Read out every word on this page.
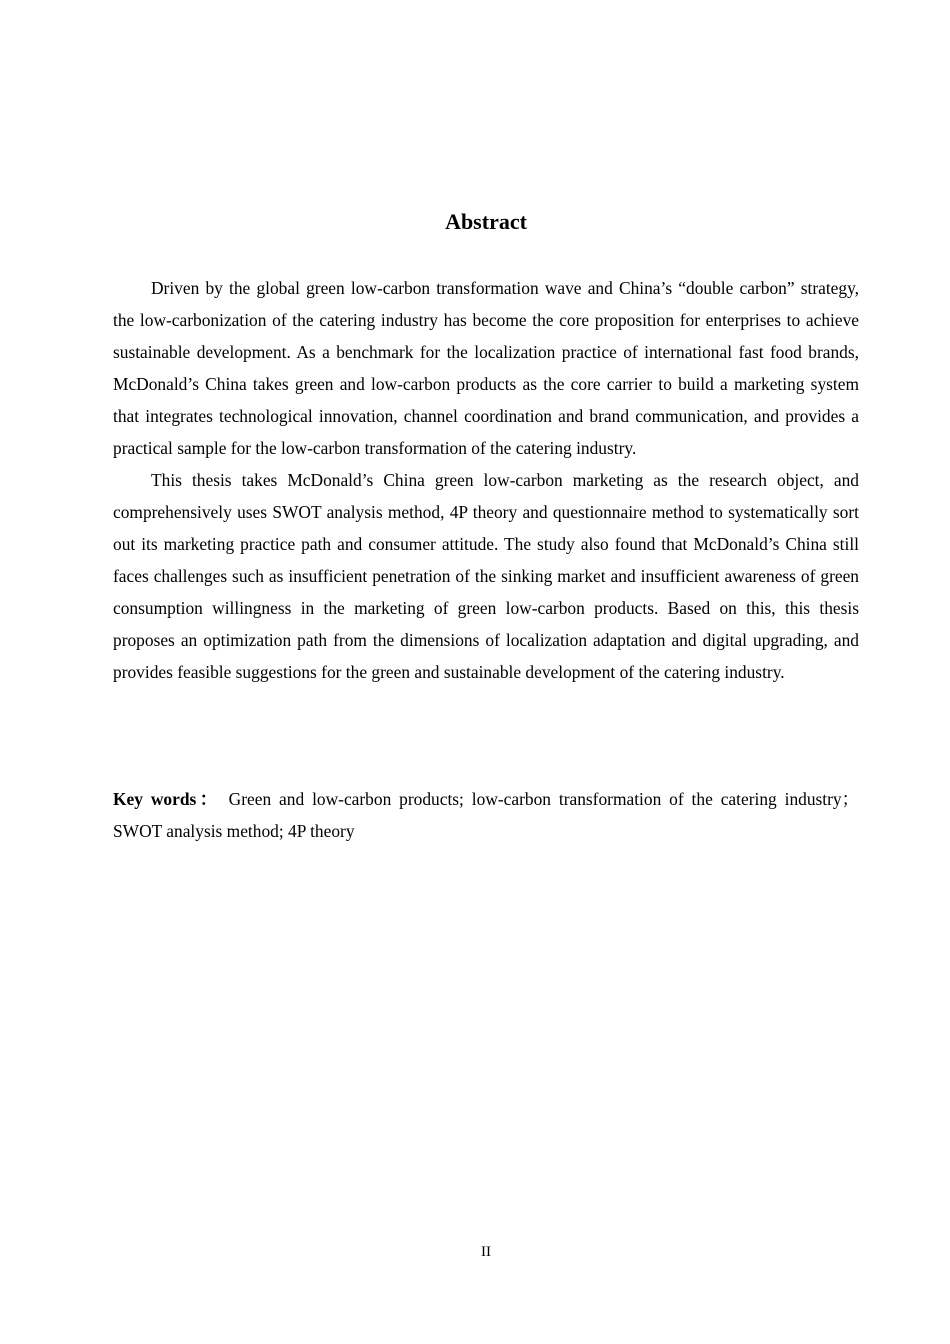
Abstract

Driven by the global green low-carbon transformation wave and China’s “double carbon” strategy, the low-carbonization of the catering industry has become the core proposition for enterprises to achieve sustainable development. As a benchmark for the localization practice of international fast food brands, McDonald’s China takes green and low-carbon products as the core carrier to build a marketing system that integrates technological innovation, channel coordination and brand communication, and provides a practical sample for the low-carbon transformation of the catering industry.

This thesis takes McDonald’s China green low-carbon marketing as the research object, and comprehensively uses SWOT analysis method, 4P theory and questionnaire method to systematically sort out its marketing practice path and consumer attitude. The study also found that McDonald’s China still faces challenges such as insufficient penetration of the sinking market and insufficient awareness of green consumption willingness in the marketing of green low-carbon products. Based on this, this thesis proposes an optimization path from the dimensions of localization adaptation and digital upgrading, and provides feasible suggestions for the green and sustainable development of the catering industry.

Key words： Green and low-carbon products; low-carbon transformation of the catering industry；SWOT analysis method; 4P theory

II
